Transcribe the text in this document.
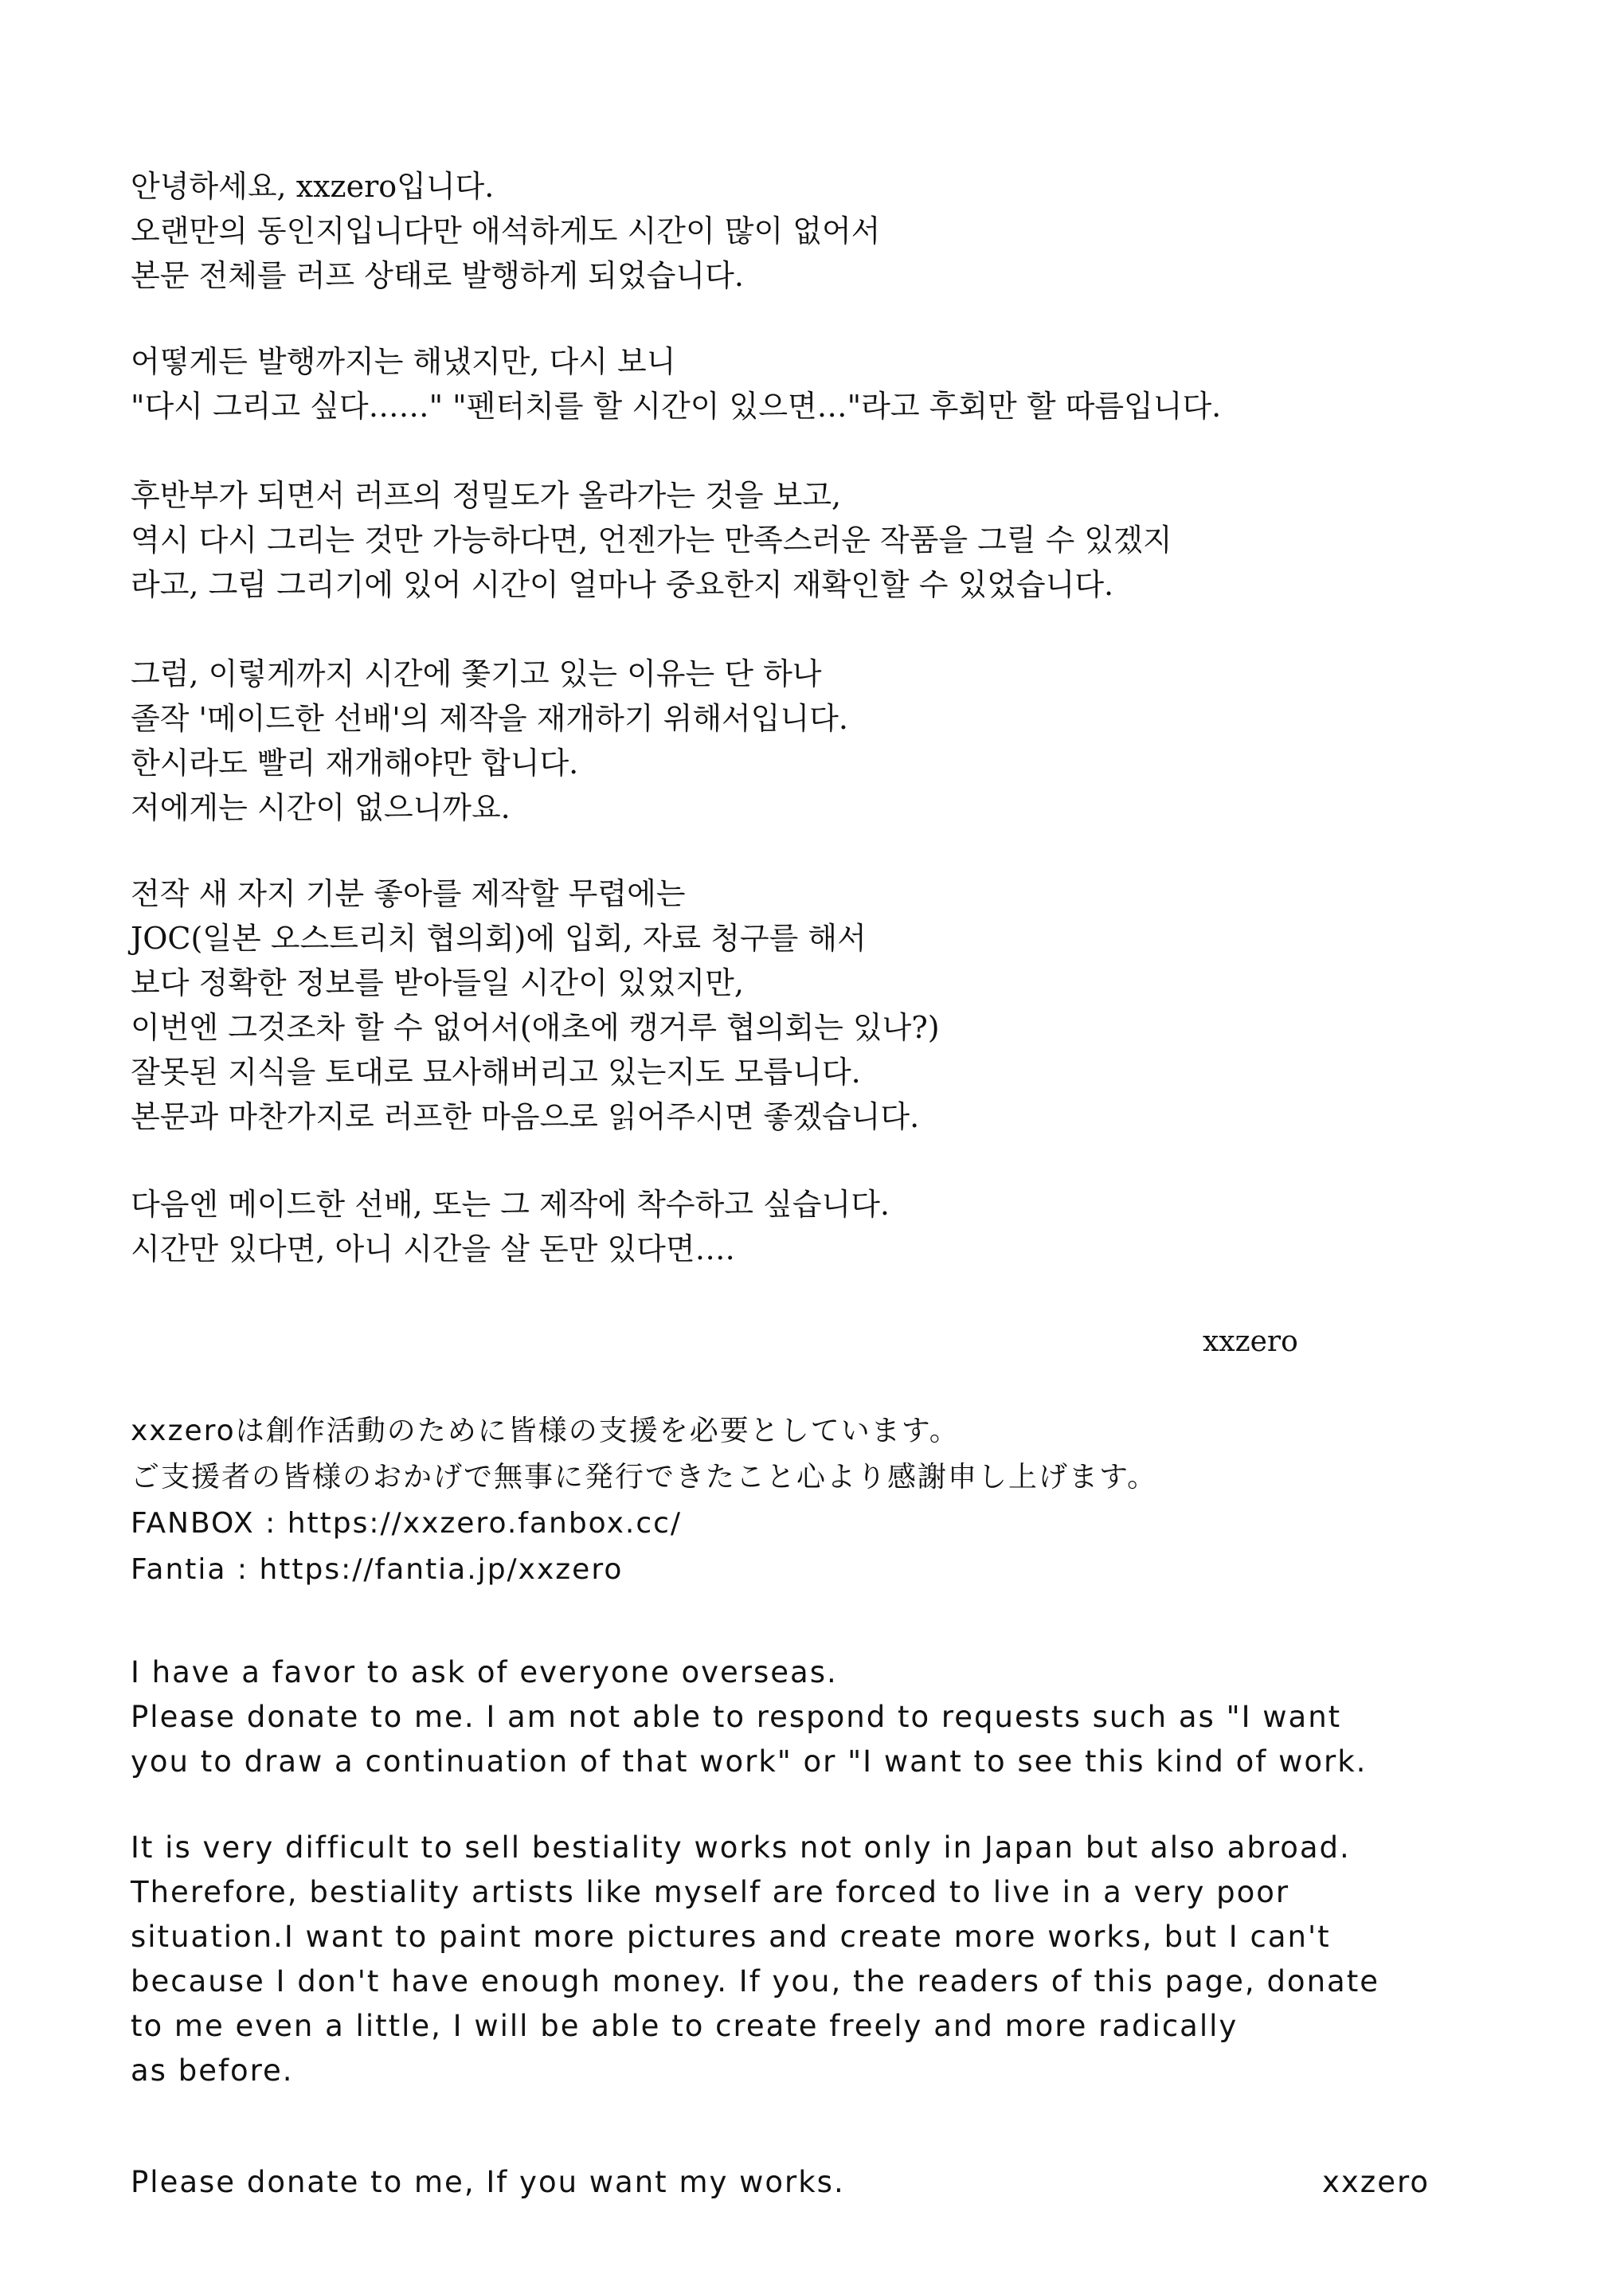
안녕하세요, xxzero입니다.
오랜만의 동인지입니다만 애석하게도 시간이 많이 없어서
본문 전체를 러프 상태로 발행하게 되었습니다.
어떻게든 발행까지는 해냈지만, 다시 보니
"다시 그리고 싶다……" "펜터치를 할 시간이 있으면…"라고 후회만 할 따름입니다.
후반부가 되면서 러프의 정밀도가 올라가는 것을 보고,
역시 다시 그리는 것만 가능하다면, 언젠가는 만족스러운 작품을 그릴 수 있겠지
라고, 그림 그리기에 있어 시간이 얼마나 중요한지 재확인할 수 있었습니다.
그럼, 이렇게까지 시간에 쫓기고 있는 이유는 단 하나
졸작 '메이드한 선배'의 제작을 재개하기 위해서입니다.
한시라도 빨리 재개해야만 합니다.
저에게는 시간이 없으니까요.
전작 새 자지 기분 좋아를 제작할 무렵에는
JOC(일본 오스트리치 협의회)에 입회, 자료 청구를 해서
보다 정확한 정보를 받아들일 시간이 있었지만,
이번엔 그것조차 할 수 없어서(애초에 캥거루 협의회는 있나?)
잘못된 지식을 토대로 묘사해버리고 있는지도 모릅니다.
본문과 마찬가지로 러프한 마음으로 읽어주시면 좋겠습니다.
다음엔 메이드한 선배, 또는 그 제작에 착수하고 싶습니다.
시간만 있다면, 아니 시간을 살 돈만 있다면….
xxzero
xxzeroは創作活動のために皆様の支援を必要としています。
ご支援者の皆様のおかげで無事に発行できたこと心より感謝申し上げます。
FANBOX : https://xxzero.fanbox.cc/
Fantia : https://fantia.jp/xxzero
I have a favor to ask of everyone overseas.
Please donate to me. I am not able to respond to requests such as "I want
you to draw a continuation of that work" or "I want to see this kind of work.
It is very difficult to sell bestiality works not only in Japan but also abroad.
Therefore, bestiality artists like myself are forced to live in a very poor
situation.I want to paint more pictures and create more works, but I can't
because I don't have enough money. If you, the readers of this page, donate
to me even a little, I will be able to create freely and more radically
as before.
Please donate to me, If you want my works.	xxzero
